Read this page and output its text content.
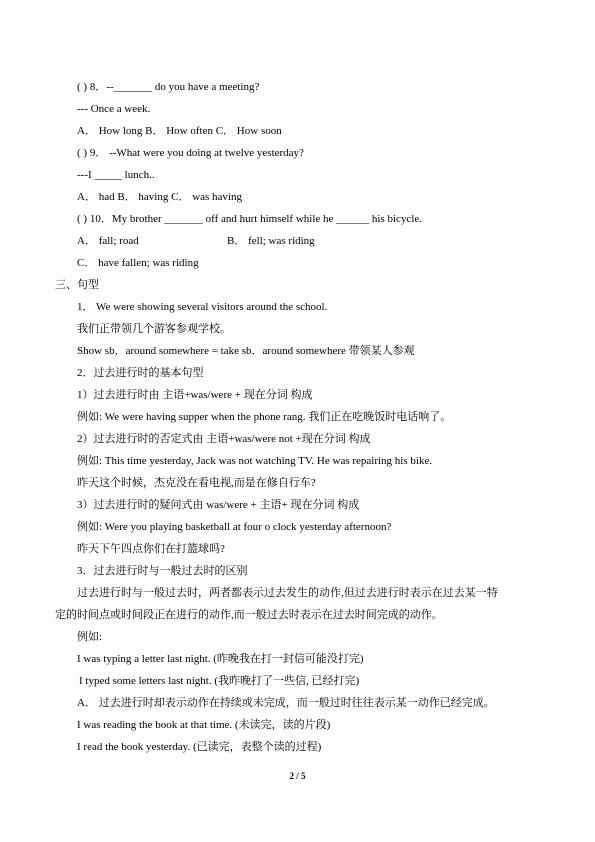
( ) 8．--_______ do you have a meeting?
--- Once a week.
A． How long B． How often C． How soon
( ) 9． --What were you doing at twelve yesterday?
---I _____ lunch..
A． had B． having C． was having
( ) 10．My brother _______ off and hurt himself while he ______ his bicycle.
A． fall; road	B． fell; was riding
C． have fallen; was riding
三、句型
1． We were showing several visitors around the school.
我们正带领几个游客参观学校。
Show sb．around somewhere = take sb．around somewhere 带领某人参观
2．过去进行时的基本句型
1）过去进行时由 主语+was/were + 现在分词 构成
例如: We were having supper when the phone rang. 我们正在吃晚饭时电话响了。
2）过去进行时的否定式由 主语+was/were not +现在分词 构成
例如: This time yesterday, Jack was not watching TV. He was repairing his bike.
昨天这个时候，杰克没在看电视,而是在修自行车?
3）过去进行时的疑问式由 was/were + 主语+ 现在分词 构成
例如: Were you playing basketball at four o clock yesterday afternoon?
昨天下午四点你们在打篮球吗?
3．过去进行时与一般过去时的区别
过去进行时与一般过去时，两者都表示过去发生的动作,但过去进行时表示在过去某一特
定的时间点或时间段正在进行的动作,而一般过去时表示在过去时间完成的动作。
例如:
I was typing a letter last night. (昨晚我在打一封信可能没打完)
I typed some letters last night. (我昨晚打了一些信, 已经打完)
A． 过去进行时却表示动作在持续或未完成，而一般过时往往表示某一动作已经完成。
I was reading the book at that time. (未读完，读的片段)
I read the book yesterday. (已读完，表整个读的过程)
2 / 5
